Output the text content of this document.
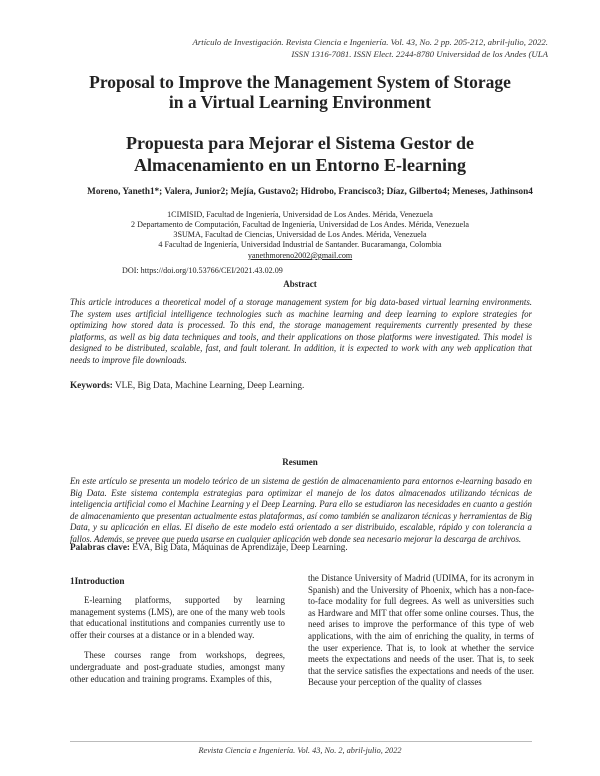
Artículo de Investigación. Revista Ciencia e Ingeniería. Vol. 43, No. 2 pp. 205-212, abril-julio, 2022.
ISSN 1316-7081. ISSN Elect. 2244-8780 Universidad de los Andes (ULA
Proposal to Improve the Management System of Storage
in a Virtual Learning Environment
Propuesta para Mejorar el Sistema Gestor de
Almacenamiento en un Entorno E-learning
Moreno, Yaneth1*; Valera, Junior2; Mejía, Gustavo2; Hidrobo, Francisco3; Díaz, Gilberto4; Meneses, Jathinson4
1CIMISID, Facultad de Ingeniería, Universidad de Los Andes. Mérida, Venezuela
2 Departamento de Computación, Facultad de Ingeniería, Universidad de Los Andes. Mérida, Venezuela
3SUMA, Facultad de Ciencias, Universidad de Los Andes. Mérida, Venezuela
4 Facultad de Ingeniería, Universidad Industrial de Santander. Bucaramanga, Colombia
yanethmoreno2002@gmail.com
DOI: https://doi.org/10.53766/CEI/2021.43.02.09
Abstract
This article introduces a theoretical model of a storage management system for big data-based virtual learning environments. The system uses artificial intelligence technologies such as machine learning and deep learning to explore strategies for optimizing how stored data is processed. To this end, the storage management requirements currently presented by these platforms, as well as big data techniques and tools, and their applications on those platforms were investigated. This model is designed to be distributed, scalable, fast, and fault tolerant. In addition, it is expected to work with any web application that needs to improve file downloads.
Keywords: VLE, Big Data, Machine Learning, Deep Learning.
Resumen
En este artículo se presenta un modelo teórico de un sistema de gestión de almacenamiento para entornos e-learning basado en Big Data. Este sistema contempla estrategias para optimizar el manejo de los datos almacenados utilizando técnicas de inteligencia artificial como el Machine Learning y el Deep Learning. Para ello se estudiaron las necesidades en cuanto a gestión de almacenamiento que presentan actualmente estas plataformas, así como también se analizaron técnicas y herramientas de Big Data, y su aplicación en ellas. El diseño de este modelo está orientado a ser distribuido, escalable, rápido y con tolerancia a fallos. Además, se prevee que pueda usarse en cualquier aplicación web donde sea necesario mejorar la descarga de archivos.
Palabras clave: EVA, Big Data, Máquinas de Aprendizaje, Deep Learning.
1Introduction

E-learning platforms, supported by learning management systems (LMS), are one of the many web tools that educational institutions and companies currently use to offer their courses at a distance or in a blended way.

These courses range from workshops, degrees, undergraduate and post-graduate studies, amongst many other education and training programs. Examples of this,

the Distance University of Madrid (UDIMA, for its acronym in Spanish) and the University of Phoenix, which has a non-face-to-face modality for full degrees. As well as universities such as Hardware and MIT that offer some online courses. Thus, the need arises to improve the performance of this type of web applications, with the aim of enriching the quality, in terms of the user experience. That is, to look at whether the service meets the expectations and needs of the user. That is, to seek that the service satisfies the expectations and needs of the user. Because your perception of the quality of classes

Revista Ciencia e Ingeniería. Vol. 43, No. 2, abril-julio, 2022
